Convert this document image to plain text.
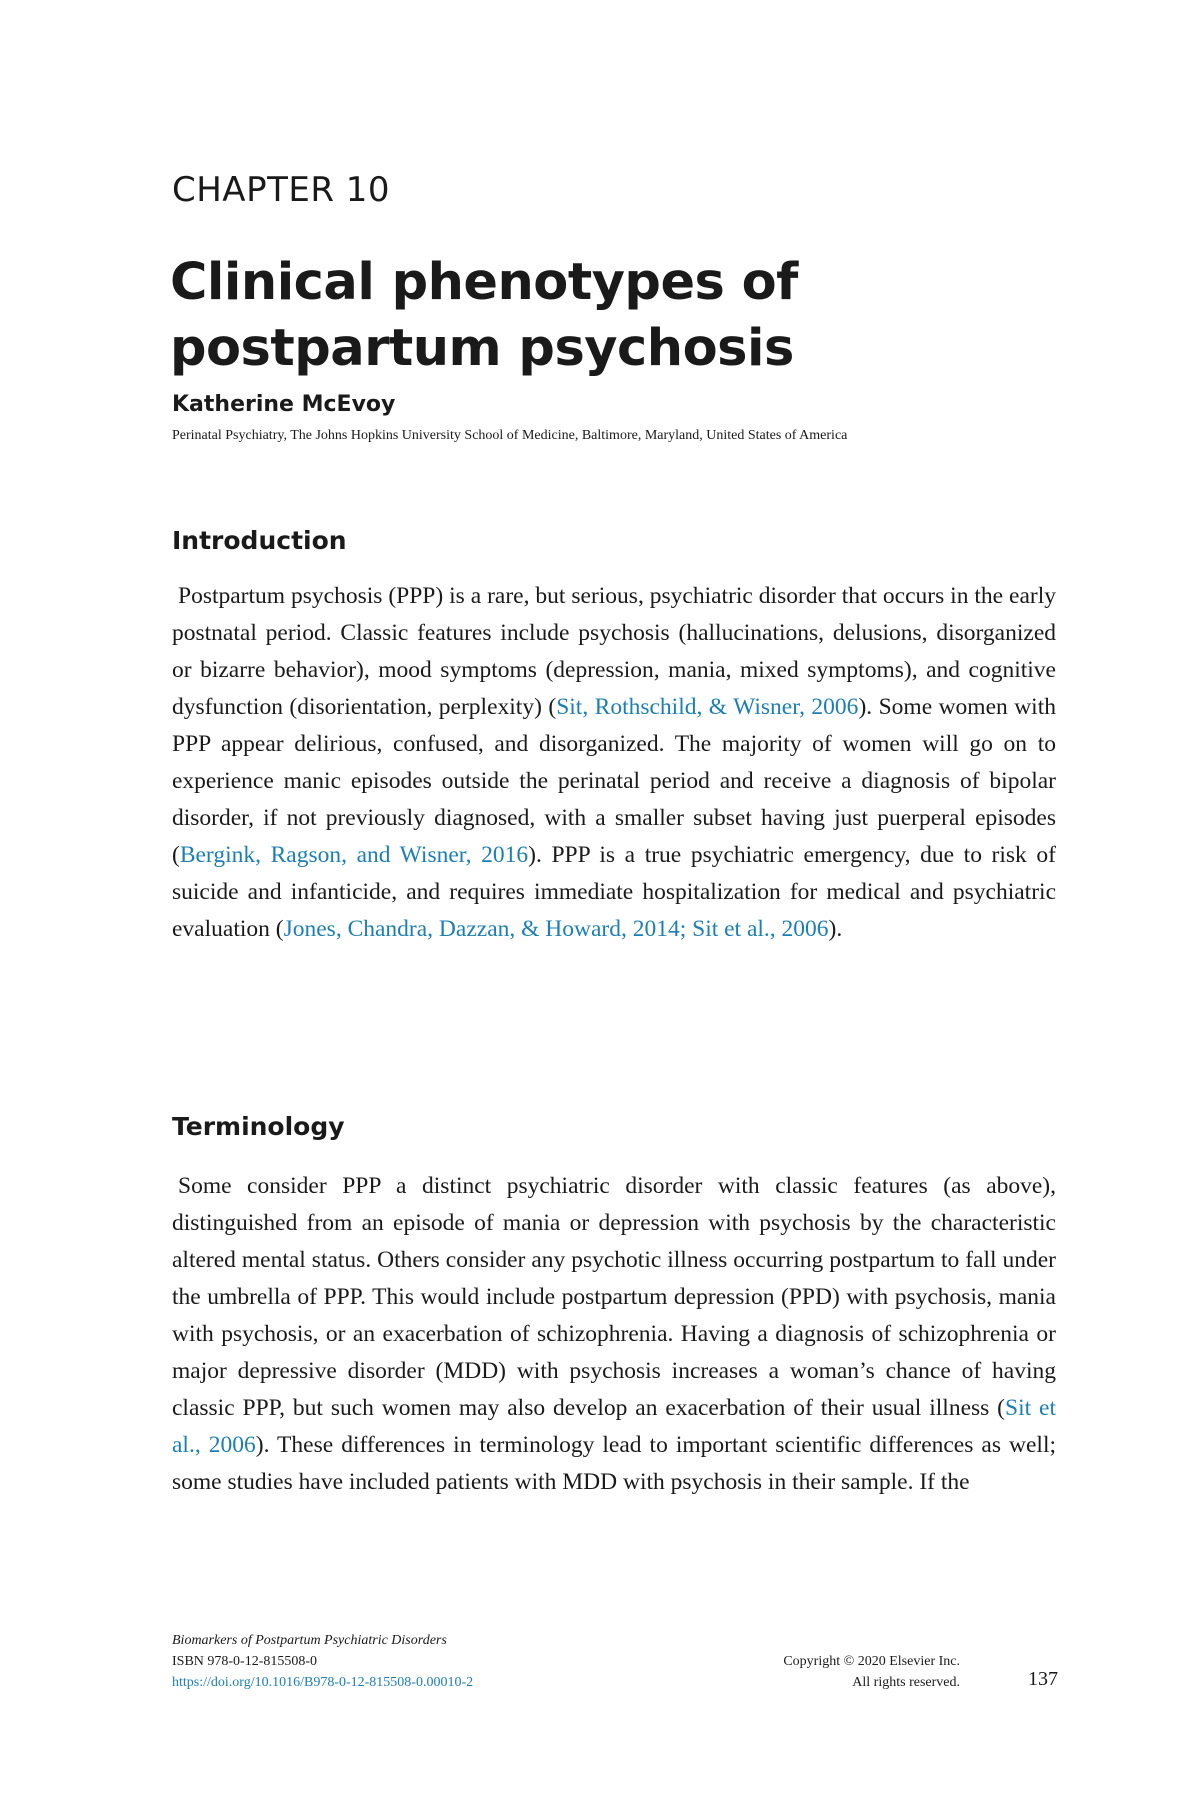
CHAPTER 10
Clinical phenotypes of postpartum psychosis
Katherine McEvoy
Perinatal Psychiatry, The Johns Hopkins University School of Medicine, Baltimore, Maryland, United States of America
Introduction
Postpartum psychosis (PPP) is a rare, but serious, psychiatric disorder that occurs in the early postnatal period. Classic features include psychosis (hallucinations, delusions, disorganized or bizarre behavior), mood symptoms (depression, mania, mixed symptoms), and cognitive dysfunction (disorientation, perplexity) (Sit, Rothschild, & Wisner, 2006). Some women with PPP appear delirious, confused, and disorganized. The majority of women will go on to experience manic episodes outside the perinatal period and receive a diagnosis of bipolar disorder, if not previously diagnosed, with a smaller subset having just puerperal episodes (Bergink, Ragson, and Wisner, 2016). PPP is a true psychiatric emergency, due to risk of suicide and infanticide, and requires immediate hospitalization for medical and psychiatric evaluation (Jones, Chandra, Dazzan, & Howard, 2014; Sit et al., 2006).
Terminology
Some consider PPP a distinct psychiatric disorder with classic features (as above), distinguished from an episode of mania or depression with psychosis by the characteristic altered mental status. Others consider any psychotic illness occurring postpartum to fall under the umbrella of PPP. This would include postpartum depression (PPD) with psychosis, mania with psychosis, or an exacerbation of schizophrenia. Having a diagnosis of schizophrenia or major depressive disorder (MDD) with psychosis increases a woman’s chance of having classic PPP, but such women may also develop an exacerbation of their usual illness (Sit et al., 2006). These differences in terminology lead to important scientific differences as well; some studies have included patients with MDD with psychosis in their sample. If the
Biomarkers of Postpartum Psychiatric Disorders
ISBN 978-0-12-815508-0
https://doi.org/10.1016/B978-0-12-815508-0.00010-2
Copyright © 2020 Elsevier Inc.
All rights reserved.	137
